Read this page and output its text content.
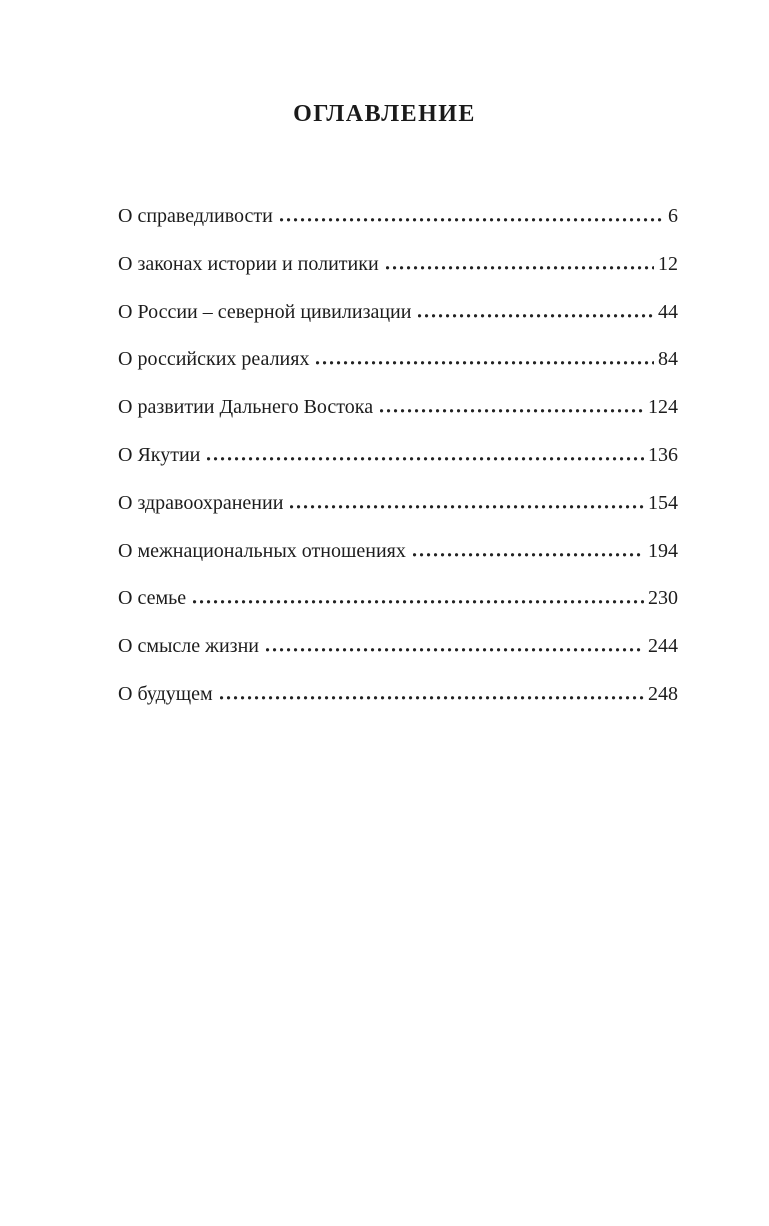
ОГЛАВЛЕНИЕ
О справедливости	6
О законах истории и политики	12
О России – северной цивилизации	44
О российских реалиях	84
О развитии Дальнего Востока	124
О Якутии	136
О здравоохранении	154
О межнациональных отношениях	194
О семье	230
О смысле жизни	244
О будущем	248
